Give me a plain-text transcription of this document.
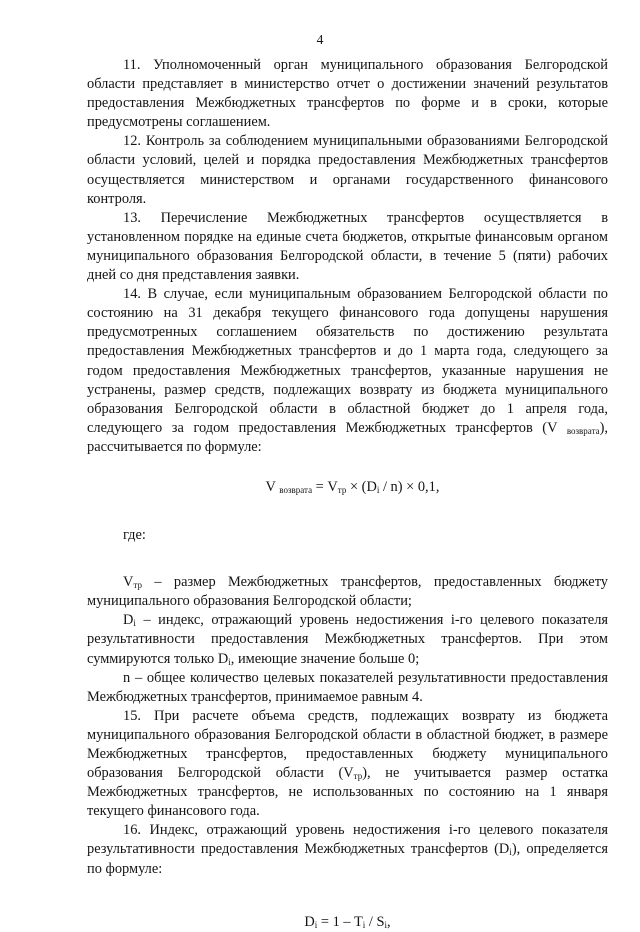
4

11. Уполномоченный орган муниципального образования Белгородской области представляет в министерство отчет о достижении значений результатов предоставления Межбюджетных трансфертов по форме и в сроки, которые предусмотрены соглашением.

12. Контроль за соблюдением муниципальными образованиями Белгородской области условий, целей и порядка предоставления Межбюджетных трансфертов осуществляется министерством и органами государственного финансового контроля.

13. Перечисление Межбюджетных трансфертов осуществляется в установленном порядке на единые счета бюджетов, открытые финансовым органом муниципального образования Белгородской области, в течение 5 (пяти) рабочих дней со дня представления заявки.

14. В случае, если муниципальным образованием Белгородской области по состоянию на 31 декабря текущего финансового года допущены нарушения предусмотренных соглашением обязательств по достижению результата предоставления Межбюджетных трансфертов и до 1 марта года, следующего за годом предоставления Межбюджетных трансфертов, указанные нарушения не устранены, размер средств, подлежащих возврату из бюджета муниципального образования Белгородской области в областной бюджет до 1 апреля года, следующего за годом предоставления Межбюджетных трансфертов (V $_{возврата}$), рассчитывается по формуле:

V $_{возврата} = V_{тр} \times (D_i / n) \times 0,1$,

где:

$V_{тр}$ – размер Межбюджетных трансфертов, предоставленных бюджету муниципального образования Белгородской области;

$D_i$ – индекс, отражающий уровень недостижения i-го целевого показателя результативности предоставления Межбюджетных трансфертов. При этом суммируются только $D_i$, имеющие значение больше 0;

n – общее количество целевых показателей результативности предоставления Межбюджетных трансфертов, принимаемое равным 4.

15. При расчете объема средств, подлежащих возврату из бюджета муниципального образования Белгородской области в областной бюджет, в размере Межбюджетных трансфертов, предоставленных бюджету муниципального образования Белгородской области $(V_{тр})$, не учитывается размер остатка Межбюджетных трансфертов, не использованных по состоянию на 1 января текущего финансового года.

16. Индекс, отражающий уровень недостижения i-го целевого показателя результативности предоставления Межбюджетных трансфертов $(D_i)$, определяется по формуле:

$D_i = 1 - T_i / S_i$,
